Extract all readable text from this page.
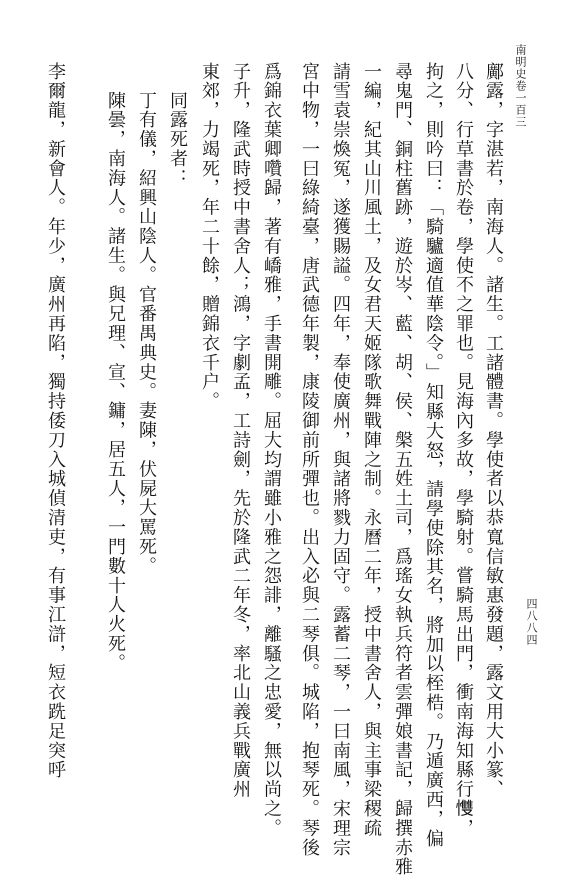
南明史卷一百三
四八八四
鄺露，字湛若，南海人。諸生。工諸體書。學使者以恭寬信敏惠發題，露文用大小篆、
八分、行草書於卷，學使不之罪也。見海內多故，學騎射。嘗騎馬出門，衝南海知縣行𢥠，
拘之，則吟曰：「騎驢適值華陰令。」知縣大怒，請學使除其名，將加以桎梏。乃遁廣西，偏
尋鬼門、銅柱舊跡，遊於岑、藍、胡、侯、槃五姓土司，爲瑤女執兵符者雲彈娘書記，歸撰赤雅
一編，紀其山川風土，及女君天姬隊歌舞戰陣之制。永曆二年，授中書舍人，與主事梁稷疏
請雪袁崇煥冤，遂獲賜謚。四年，奉使廣州，與諸將戮力固守。露蓄二琴，一曰南風，宋理宗
宮中物，一曰綠綺臺，唐武德年製，康陵御前所彈也。出入必與二琴俱。城陷，抱琴死。琴後
爲錦衣葉卿囋歸，著有嶠雅，手書開雕。屈大均謂雖小雅之怨誹，離騷之忠愛，無以尚之。
子升，隆武時授中書舍人；鴻，字劇孟，工詩劍，先於隆武二年冬，率北山義兵戰廣州
東郊，力竭死，年二十餘，贈錦衣千户。
同露死者：
丁有儀，紹興山陰人。官番禺典史。妻陳，伏屍大罵死。
陳曇，南海人。諸生。與兄理、宣、鏞，居五人，一門數十人火死。
李爾龍，新會人。年少，廣州再陷，獨持倭刀入城偵清吏，有事江滸，短衣跣足突呼
